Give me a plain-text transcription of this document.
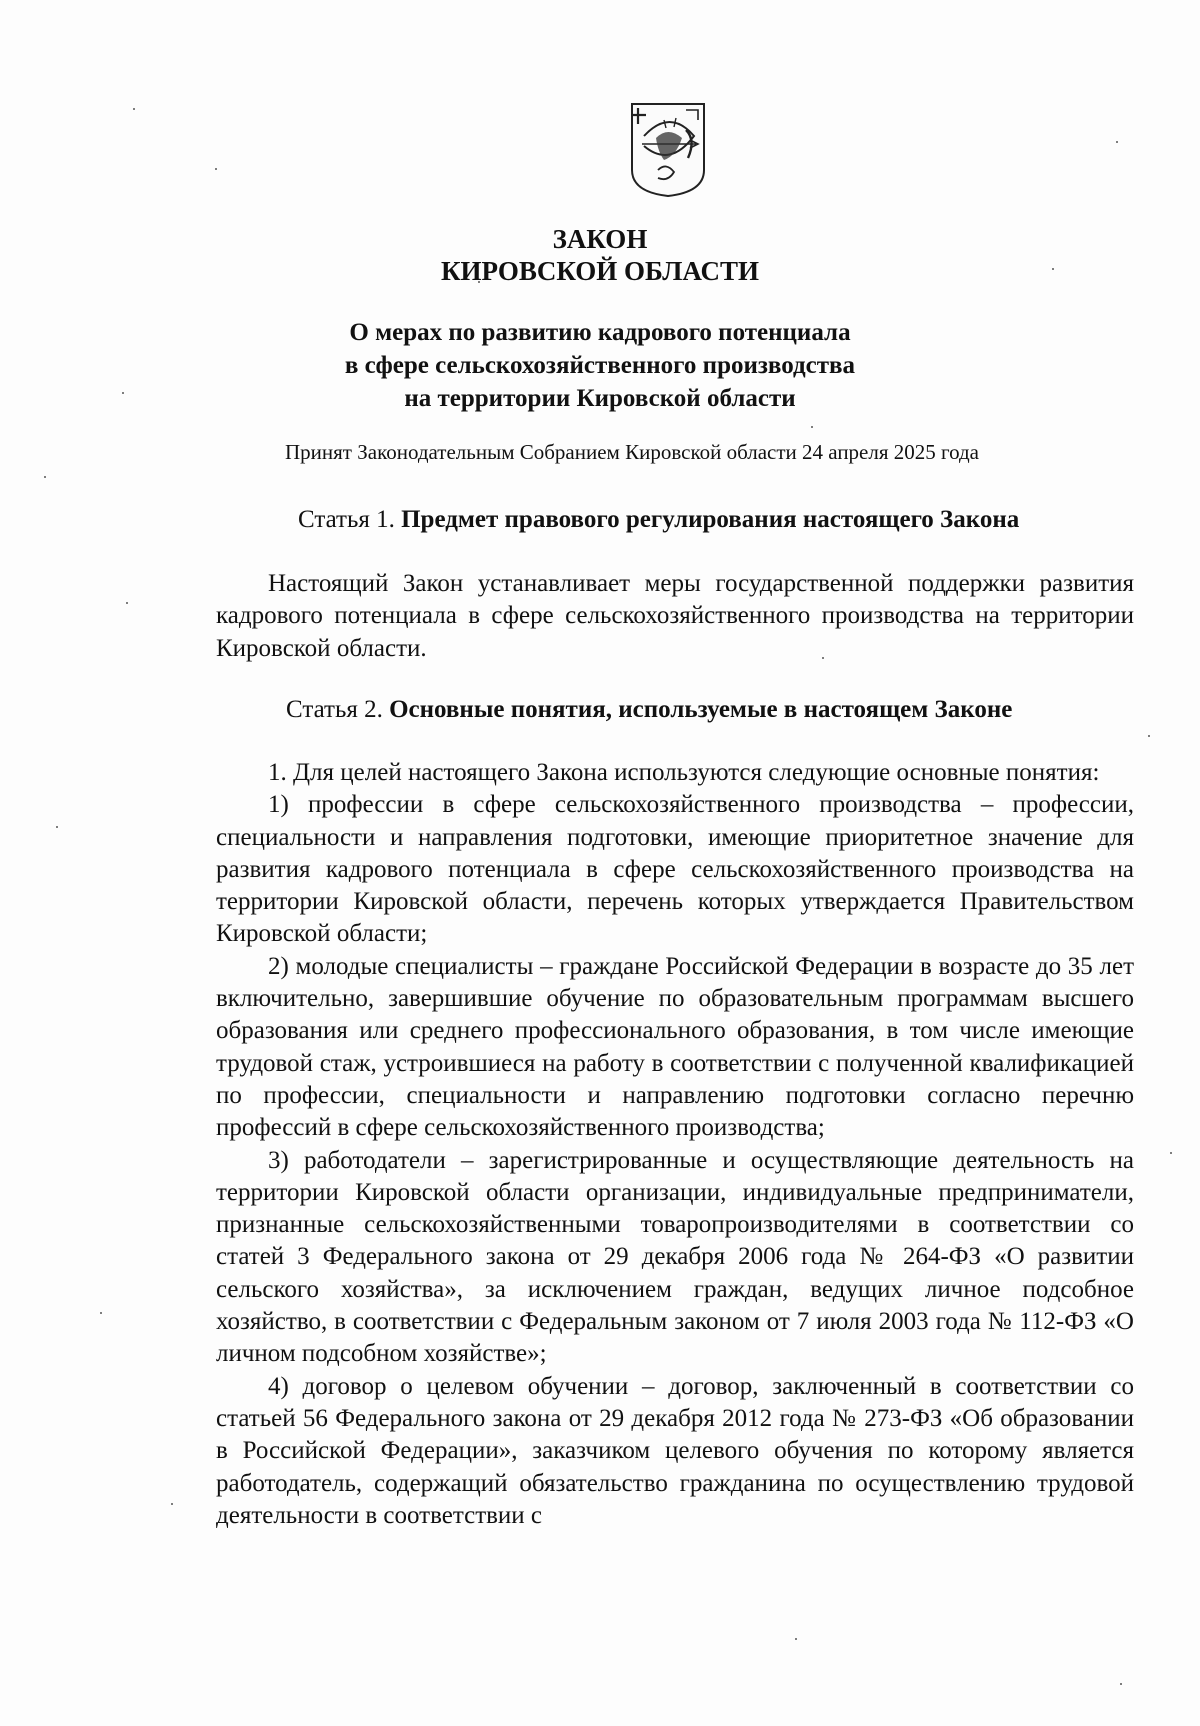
ЗАКОН
КИРОВСКОЙ ОБЛАСТИ
О мерах по развитию кадрового потенциала
в сфере сельскохозяйственного производства
на территории Кировской области
Принят Законодательным Собранием Кировской области 24 апреля 2025 года
Статья 1. Предмет правового регулирования настоящего Закона

Настоящий Закон устанавливает меры государственной поддержки развития кадрового потенциала в сфере сельскохозяйственного производства на территории Кировской области.

Статья 2. Основные понятия, используемые в настоящем Законе

1. Для целей настоящего Закона используются следующие основные понятия:

1) профессии в сфере сельскохозяйственного производства – профессии, специальности и направления подготовки, имеющие приоритетное значение для развития кадрового потенциала в сфере сельскохозяйственного производства на территории Кировской области, перечень которых утверждается Правительством Кировской области;

2) молодые специалисты – граждане Российской Федерации в возрасте до 35 лет включительно, завершившие обучение по образовательным программам высшего образования или среднего профессионального образования, в том числе имеющие трудовой стаж, устроившиеся на работу в соответствии с полученной квалификацией по профессии, специальности и направлению подготовки согласно перечню профессий в сфере сельскохозяйственного производства;

3) работодатели – зарегистрированные и осуществляющие деятельность на территории Кировской области организации, индивидуальные предприниматели, признанные сельскохозяйственными товаропроизводителями в соответствии со статей 3 Федерального закона от 29 декабря 2006 года № 264-ФЗ «О развитии сельского хозяйства», за исключением граждан, ведущих личное подсобное хозяйство, в соответствии с Федеральным законом от 7 июля 2003 года № 112-ФЗ «О личном подсобном хозяйстве»;

4) договор о целевом обучении – договор, заключенный в соответствии со статьей 56 Федерального закона от 29 декабря 2012 года № 273-ФЗ «Об образовании в Российской Федерации», заказчиком целевого обучения по которому является работодатель, содержащий обязательство гражданина по осуществлению трудовой деятельности в соответствии с
